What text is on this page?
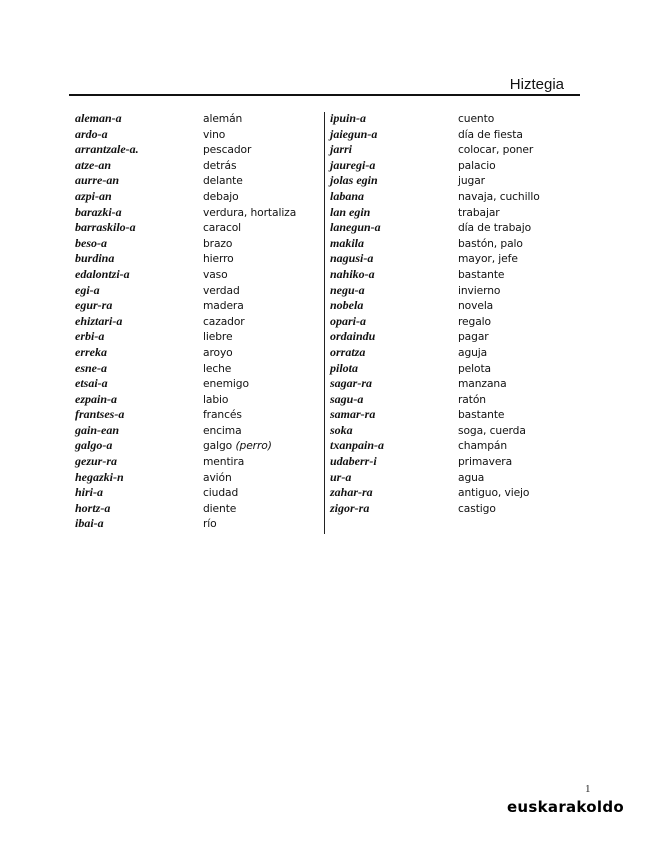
Hiztegia
aleman-a	alemán
ardo-a	vino
arrantzale-a.	pescador
atze-an	detrás
aurre-an	delante
azpi-an	debajo
barazki-a	verdura, hortaliza
barraskilo-a	caracol
beso-a	brazo
burdina	hierro
edalontzi-a	vaso
egi-a	verdad
egur-ra	madera
ehiztari-a	cazador
erbi-a	liebre
erreka	aroyo
esne-a	leche
etsai-a	enemigo
ezpain-a	labio
frantses-a	francés
gain-ean	encima
galgo-a	galgo (perro)
gezur-ra	mentira
hegazki-n	avión
hiri-a	ciudad
hortz-a	diente
ibai-a	río
ipuin-a	cuento
jaiegun-a	día de fiesta
jarri	colocar, poner
jauregi-a	palacio
jolas egin	jugar
labana	navaja, cuchillo
lan egin	trabajar
lanegun-a	día de trabajo
makila	bastón, palo
nagusi-a	mayor, jefe
nahiko-a	bastante
negu-a	invierno
nobela	novela
opari-a	regalo
ordaindu	pagar
orratza	aguja
pilota	pelota
sagar-ra	manzana
sagu-a	ratón
samar-ra	bastante
soka	soga, cuerda
txanpain-a	champán
udaberr-i	primavera
ur-a	agua
zahar-ra	antiguo, viejo
zigor-ra	castigo
1
euskarakoldo
